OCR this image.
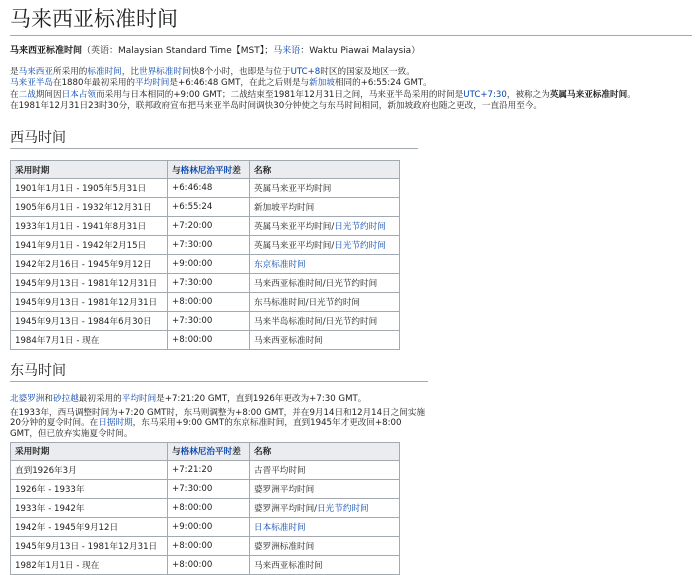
马来西亚标准时间
马来西亚标准时间（英语：Malaysian Standard Time【MST】；马来语：Waktu Piawai Malaysia）

是马来西亚所采用的标准时间，比世界标准时间快8个小时，也即是与位于UTC+8时区的国家及地区一致。

马来亚半岛在1880年最初采用的平均时间是+6:46:48 GMT，在此之后则是与新加坡相同的+6:55:24 GMT。

在二战期间因日本占领而采用与日本相同的+9:00 GMT；二战结束至1981年12月31日之间，马来亚半岛采用的时间是UTC+7:30，被称之为英属马来亚标准时间。

在1981年12月31日23时30分，联邦政府宣布把马来亚半岛时间调快30分钟使之与东马时间相同，新加坡政府也随之更改，一直沿用至今。

西马时间
采用时期	与格林尼治平时差	名称
1901年1月1日 - 1905年5月31日	+6:46:48	英属马来亚平均时间
1905年6月1日 - 1932年12月31日	+6:55:24	新加坡平均时间
1933年1月1日 - 1941年8月31日	+7:20:00	英属马来亚平均时间/日光节约时间
1941年9月1日 - 1942年2月15日	+7:30:00	英属马来亚平均时间/日光节约时间
1942年2月16日 - 1945年9月12日	+9:00:00	东京标准时间
1945年9月13日 - 1981年12月31日	+7:30:00	马来西亚标准时间/日光节约时间
1945年9月13日 - 1981年12月31日	+8:00:00	东马标准时间/日光节约时间
1945年9月13日 - 1984年6月30日	+7:30:00	马来半岛标准时间/日光节约时间
1984年7月1日 - 现在	+8:00:00	马来西亚标准时间
东马时间

北婆罗洲和砂拉越最初采用的平均时间是+7:21:20 GMT，直到1926年更改为+7:30 GMT。

在1933年，西马调整时间为+7:20 GMT时，东马则调整为+8:00 GMT，并在9月14日和12月14日之间实施20分钟的夏令时间。在日据时期，东马采用+9:00 GMT的东京标准时间，直到1945年才更改回+8:00 GMT，但已放弃实施夏令时间。
采用时期	与格林尼治平时差	名称
直到1926年3月	+7:21:20	古晋平均时间
1926年 - 1933年	+7:30:00	婆罗洲平均时间
1933年 - 1942年	+8:00:00	婆罗洲平均时间/日光节约时间
1942年 - 1945年9月12日	+9:00:00	日本标准时间
1945年9月13日 - 1981年12月31日	+8:00:00	婆罗洲标准时间
1982年1月1日 - 现在	+8:00:00	马来西亚标准时间
